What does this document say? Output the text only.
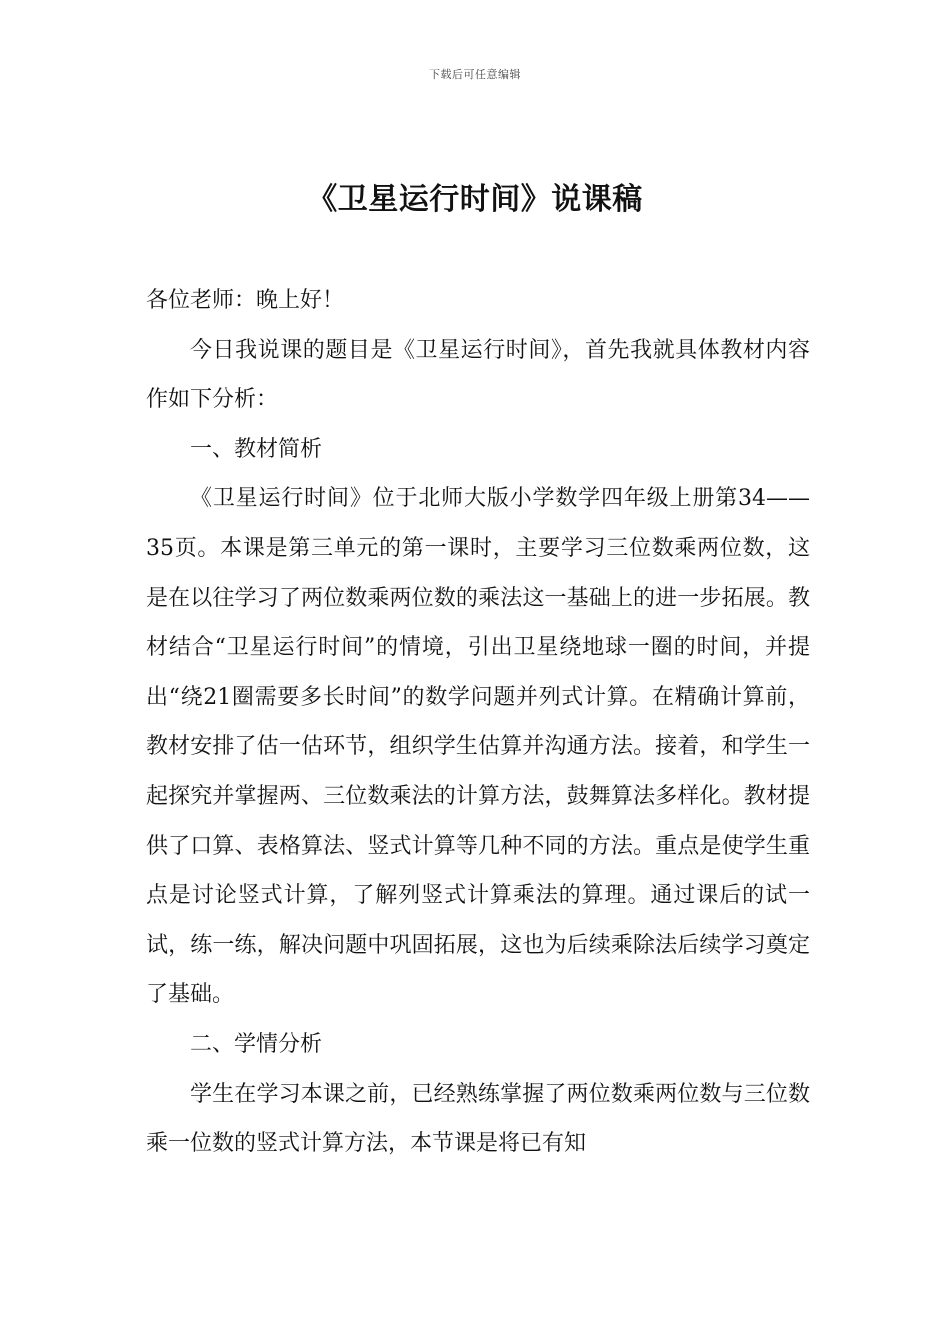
下载后可任意编辑
《卫星运行时间》说课稿

各位老师：晚上好！

今日我说课的题目是《卫星运行时间》，首先我就具体教材内容作如下分析：

一、教材简析

《卫星运行时间》位于北师大版小学数学四年级上册第34——35页。本课是第三单元的第一课时，主要学习三位数乘两位数，这是在以往学习了两位数乘两位数的乘法这一基础上的进一步拓展。教材结合“卫星运行时间”的情境，引出卫星绕地球一圈的时间，并提出“绕21圈需要多长时间”的数学问题并列式计算。在精确计算前，教材安排了估一估环节，组织学生估算并沟通方法。接着，和学生一起探究并掌握两、三位数乘法的计算方法，鼓舞算法多样化。教材提供了口算、表格算法、竖式计算等几种不同的方法。重点是使学生重点是讨论竖式计算，了解列竖式计算乘法的算理。通过课后的试一试，练一练，解决问题中巩固拓展，这也为后续乘除法后续学习奠定了基础。

二、学情分析

学生在学习本课之前，已经熟练掌握了两位数乘两位数与三位数乘一位数的竖式计算方法，本节课是将已有知
